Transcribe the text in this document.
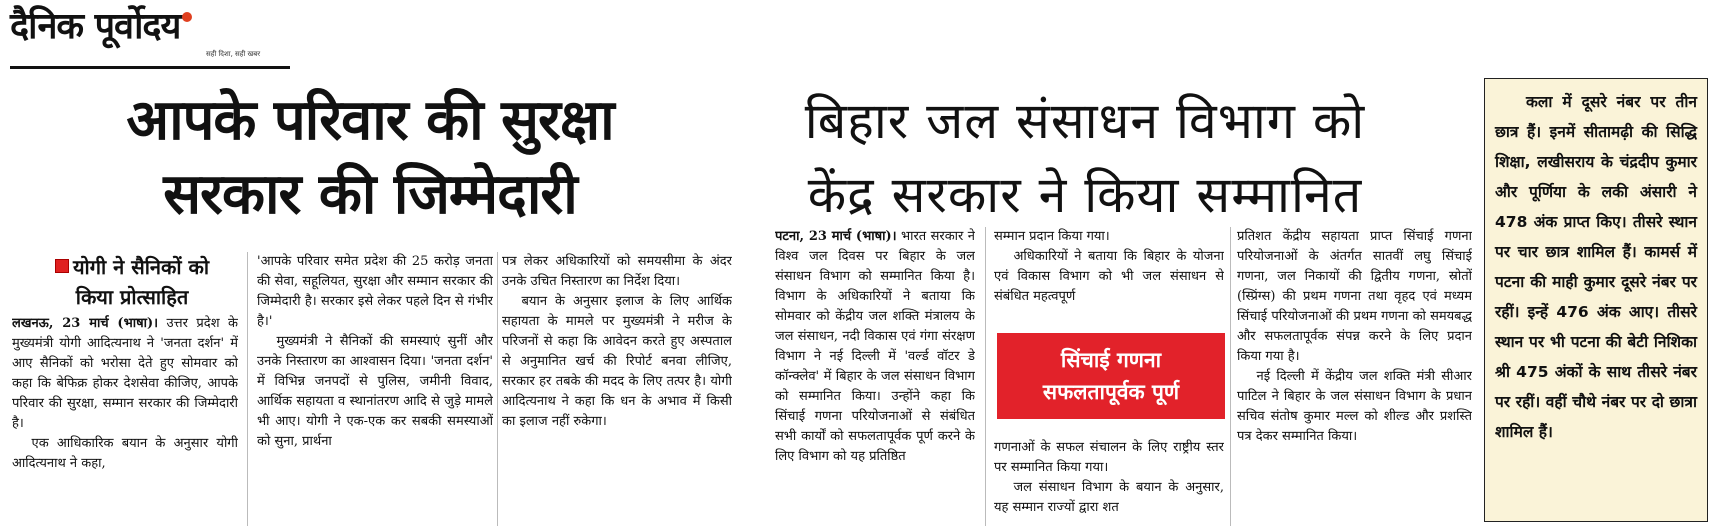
दैनिक पूर्वोदय
सही दिशा, सही खबर
आपके परिवार की सुरक्षा
सरकार की जिम्मेदारी
बिहार जल संसाधन विभाग को
केंद्र सरकार ने किया सम्मानित
योगी ने सैनिकों को
किया प्रोत्साहित

लखनऊ, 23 मार्च (भाषा)। उत्तर प्रदेश के मुख्यमंत्री योगी आदित्यनाथ ने 'जनता दर्शन' में आए सैनिकों को भरोसा देते हुए सोमवार को कहा कि बेफिक्र होकर देशसेवा कीजिए, आपके परिवार की सुरक्षा, सम्मान सरकार की जिम्मेदारी है।

एक आधिकारिक बयान के अनुसार योगी आदित्यनाथ ने कहा,

'आपके परिवार समेत प्रदेश की 25 करोड़ जनता की सेवा, सहूलियत, सुरक्षा और सम्मान सरकार की जिम्मेदारी है। सरकार इसे लेकर पहले दिन से गंभीर है।'

मुख्यमंत्री ने सैनिकों की समस्याएं सुनीं और उनके निस्तारण का आश्वासन दिया। 'जनता दर्शन' में विभिन्न जनपदों से पुलिस, जमीनी विवाद, आर्थिक सहायता व स्थानांतरण आदि से जुड़े मामले भी आए। योगी ने एक-एक कर सबकी समस्याओं को सुना, प्रार्थना

पत्र लेकर अधिकारियों को समयसीमा के अंदर उनके उचित निस्तारण का निर्देश दिया।

बयान के अनुसार इलाज के लिए आर्थिक सहायता के मामले पर मुख्यमंत्री ने मरीज के परिजनों से कहा कि आवेदन करते हुए अस्पताल से अनुमानित खर्च की रिपोर्ट बनवा लीजिए, सरकार हर तबके की मदद के लिए तत्पर है। योगी आदित्यनाथ ने कहा कि धन के अभाव में किसी का इलाज नहीं रुकेगा।

पटना, 23 मार्च (भाषा)। भारत सरकार ने विश्व जल दिवस पर बिहार के जल संसाधन विभाग को सम्मानित किया है। विभाग के अधिकारियों ने बताया कि सोमवार को केंद्रीय जल शक्ति मंत्रालय के जल संसाधन, नदी विकास एवं गंगा संरक्षण विभाग ने नई दिल्ली में 'वर्ल्ड वॉटर डे कॉन्क्लेव' में बिहार के जल संसाधन विभाग को सम्मानित किया। उन्होंने कहा कि सिंचाई गणना परियोजनाओं से संबंधित सभी कार्यों को सफलतापूर्वक पूर्ण करने के लिए विभाग को यह प्रतिष्ठित

सम्मान प्रदान किया गया।

अधिकारियों ने बताया कि बिहार के योजना एवं विकास विभाग को भी जल संसाधन से संबंधित महत्वपूर्ण

सिंचाई गणना
सफलतापूर्वक पूर्ण

गणनाओं के सफल संचालन के लिए राष्ट्रीय स्तर पर सम्मानित किया गया।

जल संसाधन विभाग के बयान के अनुसार, यह सम्मान राज्यों द्वारा शत

प्रतिशत केंद्रीय सहायता प्राप्त सिंचाई गणना परियोजनाओं के अंतर्गत सातवीं लघु सिंचाई गणना, जल निकायों की द्वितीय गणना, स्रोतों (स्प्रिंग्स) की प्रथम गणना तथा वृहद एवं मध्यम सिंचाई परियोजनाओं की प्रथम गणना को समयबद्ध और सफलतापूर्वक संपन्न करने के लिए प्रदान किया गया है।

नई दिल्ली में केंद्रीय जल शक्ति मंत्री सीआर पाटिल ने बिहार के जल संसाधन विभाग के प्रधान सचिव संतोष कुमार मल्ल को शील्ड और प्रशस्ति पत्र देकर सम्मानित किया।

कला में दूसरे नंबर पर तीन छात्र हैं। इनमें सीतामढ़ी की सिद्धि शिक्षा, लखीसराय के चंद्रदीप कुमार और पूर्णिया के लकी अंसारी ने 478 अंक प्राप्त किए। तीसरे स्थान पर चार छात्र शामिल हैं। कामर्स में पटना की माही कुमार दूसरे नंबर पर रहीं। इन्हें 476 अंक आए। तीसरे स्थान पर भी पटना की बेटी निशिका श्री 475 अंकों के साथ तीसरे नंबर पर रहीं। वहीं चौथे नंबर पर दो छात्रा शामिल हैं।
